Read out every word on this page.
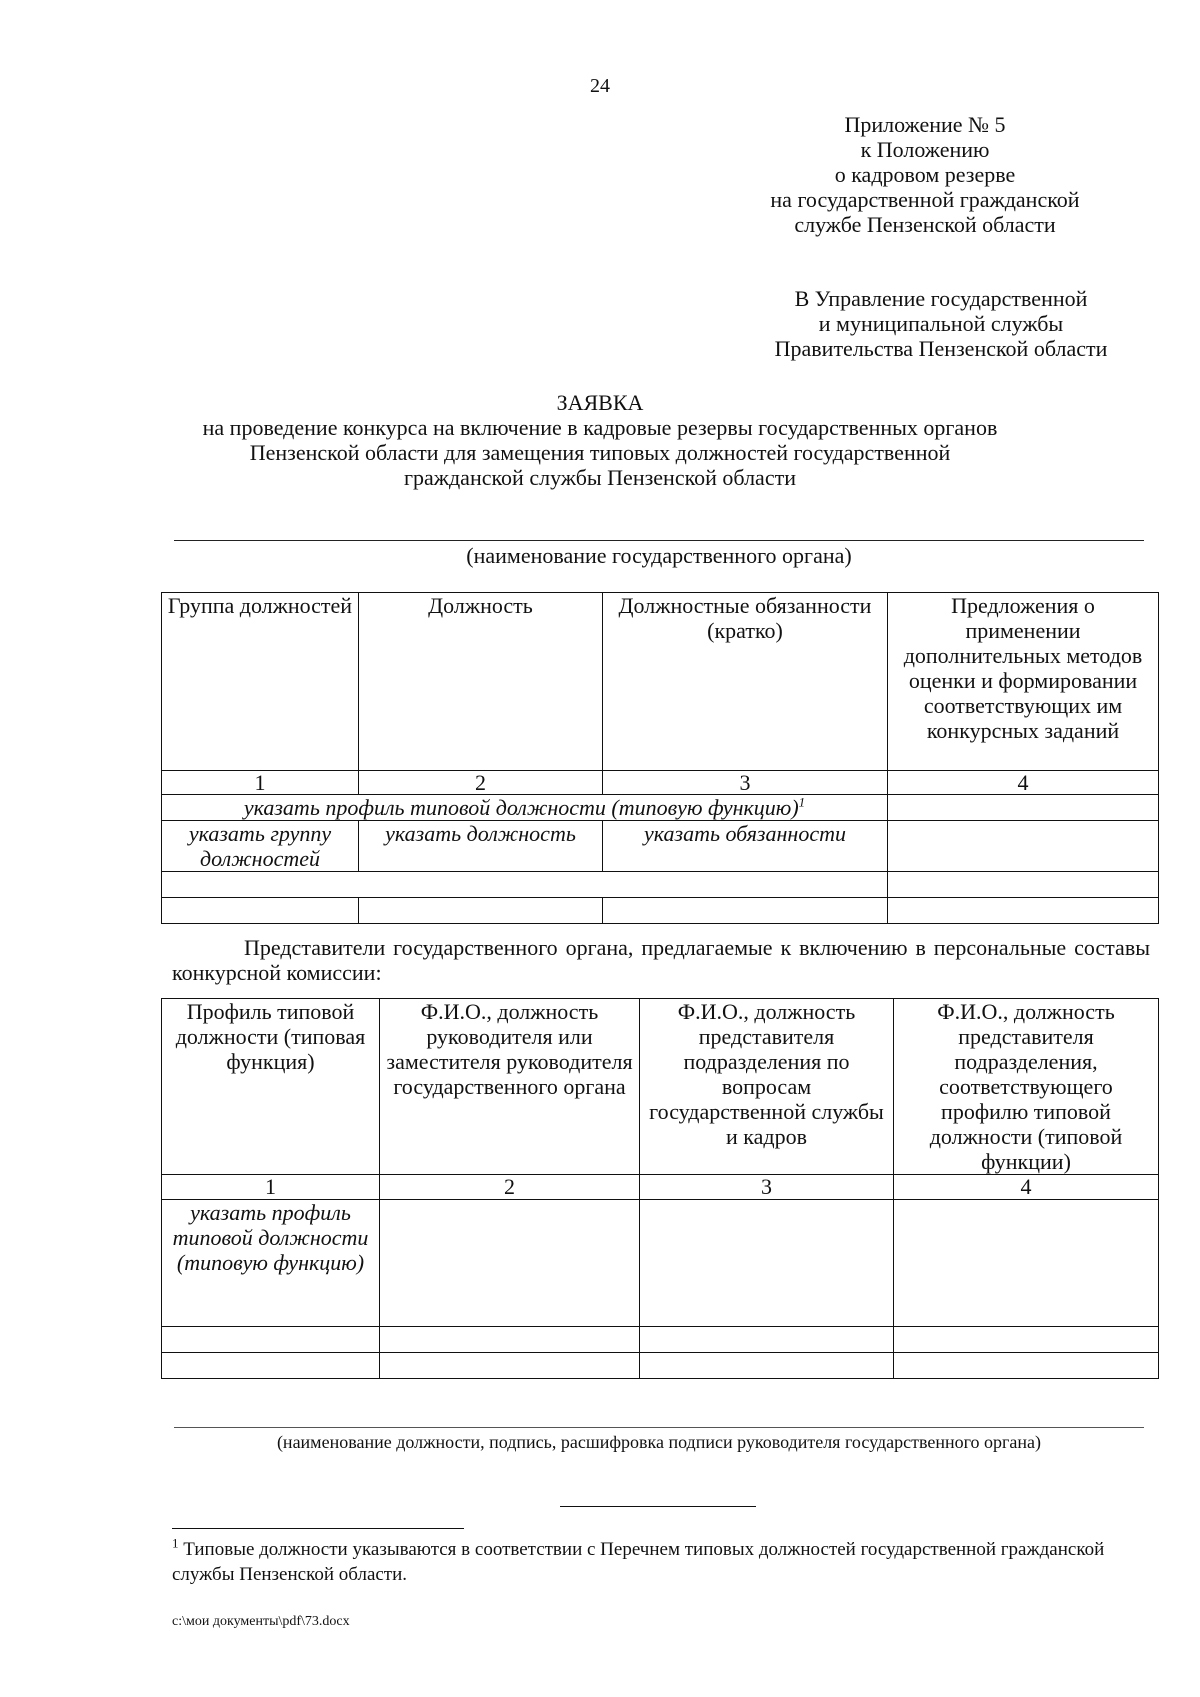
24
Приложение № 5
к Положению
о кадровом резерве
на государственной гражданской
службе Пензенской области
В Управление государственной
и муниципальной службы
Правительства Пензенской области
ЗАЯВКА
на проведение конкурса на включение в кадровые резервы государственных органов
Пензенской области для замещения типовых должностей государственной
гражданской службы Пензенской области
(наименование государственного органа)
Группа должностей	Должность	Должностные обязанности (кратко)	Предложения о применении дополнительных методов оценки и формировании соответствующих им конкурсных заданий
1	2	3	4
указать профиль типовой должности (типовую функцию)$^1$	
указать группу должностей	указать должность	указать обязанности	

Представители государственного органа, предлагаемые к включению в персональные составы конкурсной комиссии:
Профиль типовой должности (типовая функция)	Ф.И.О., должность руководителя или заместителя руководителя государственного органа	Ф.И.О., должность представителя подразделения по вопросам государственной службы и кадров	Ф.И.О., должность представителя подразделения, соответствующего профилю типовой должности (типовой функции)
1	2	3	4
указать профиль типовой должности (типовую функцию)			

(наименование должности, подпись, расшифровка подписи руководителя государственного органа)
$^1$ Типовые должности указываются в соответствии с Перечнем типовых должностей государственной гражданской службы Пензенской области.
c:\мои документы\pdf\73.docx
